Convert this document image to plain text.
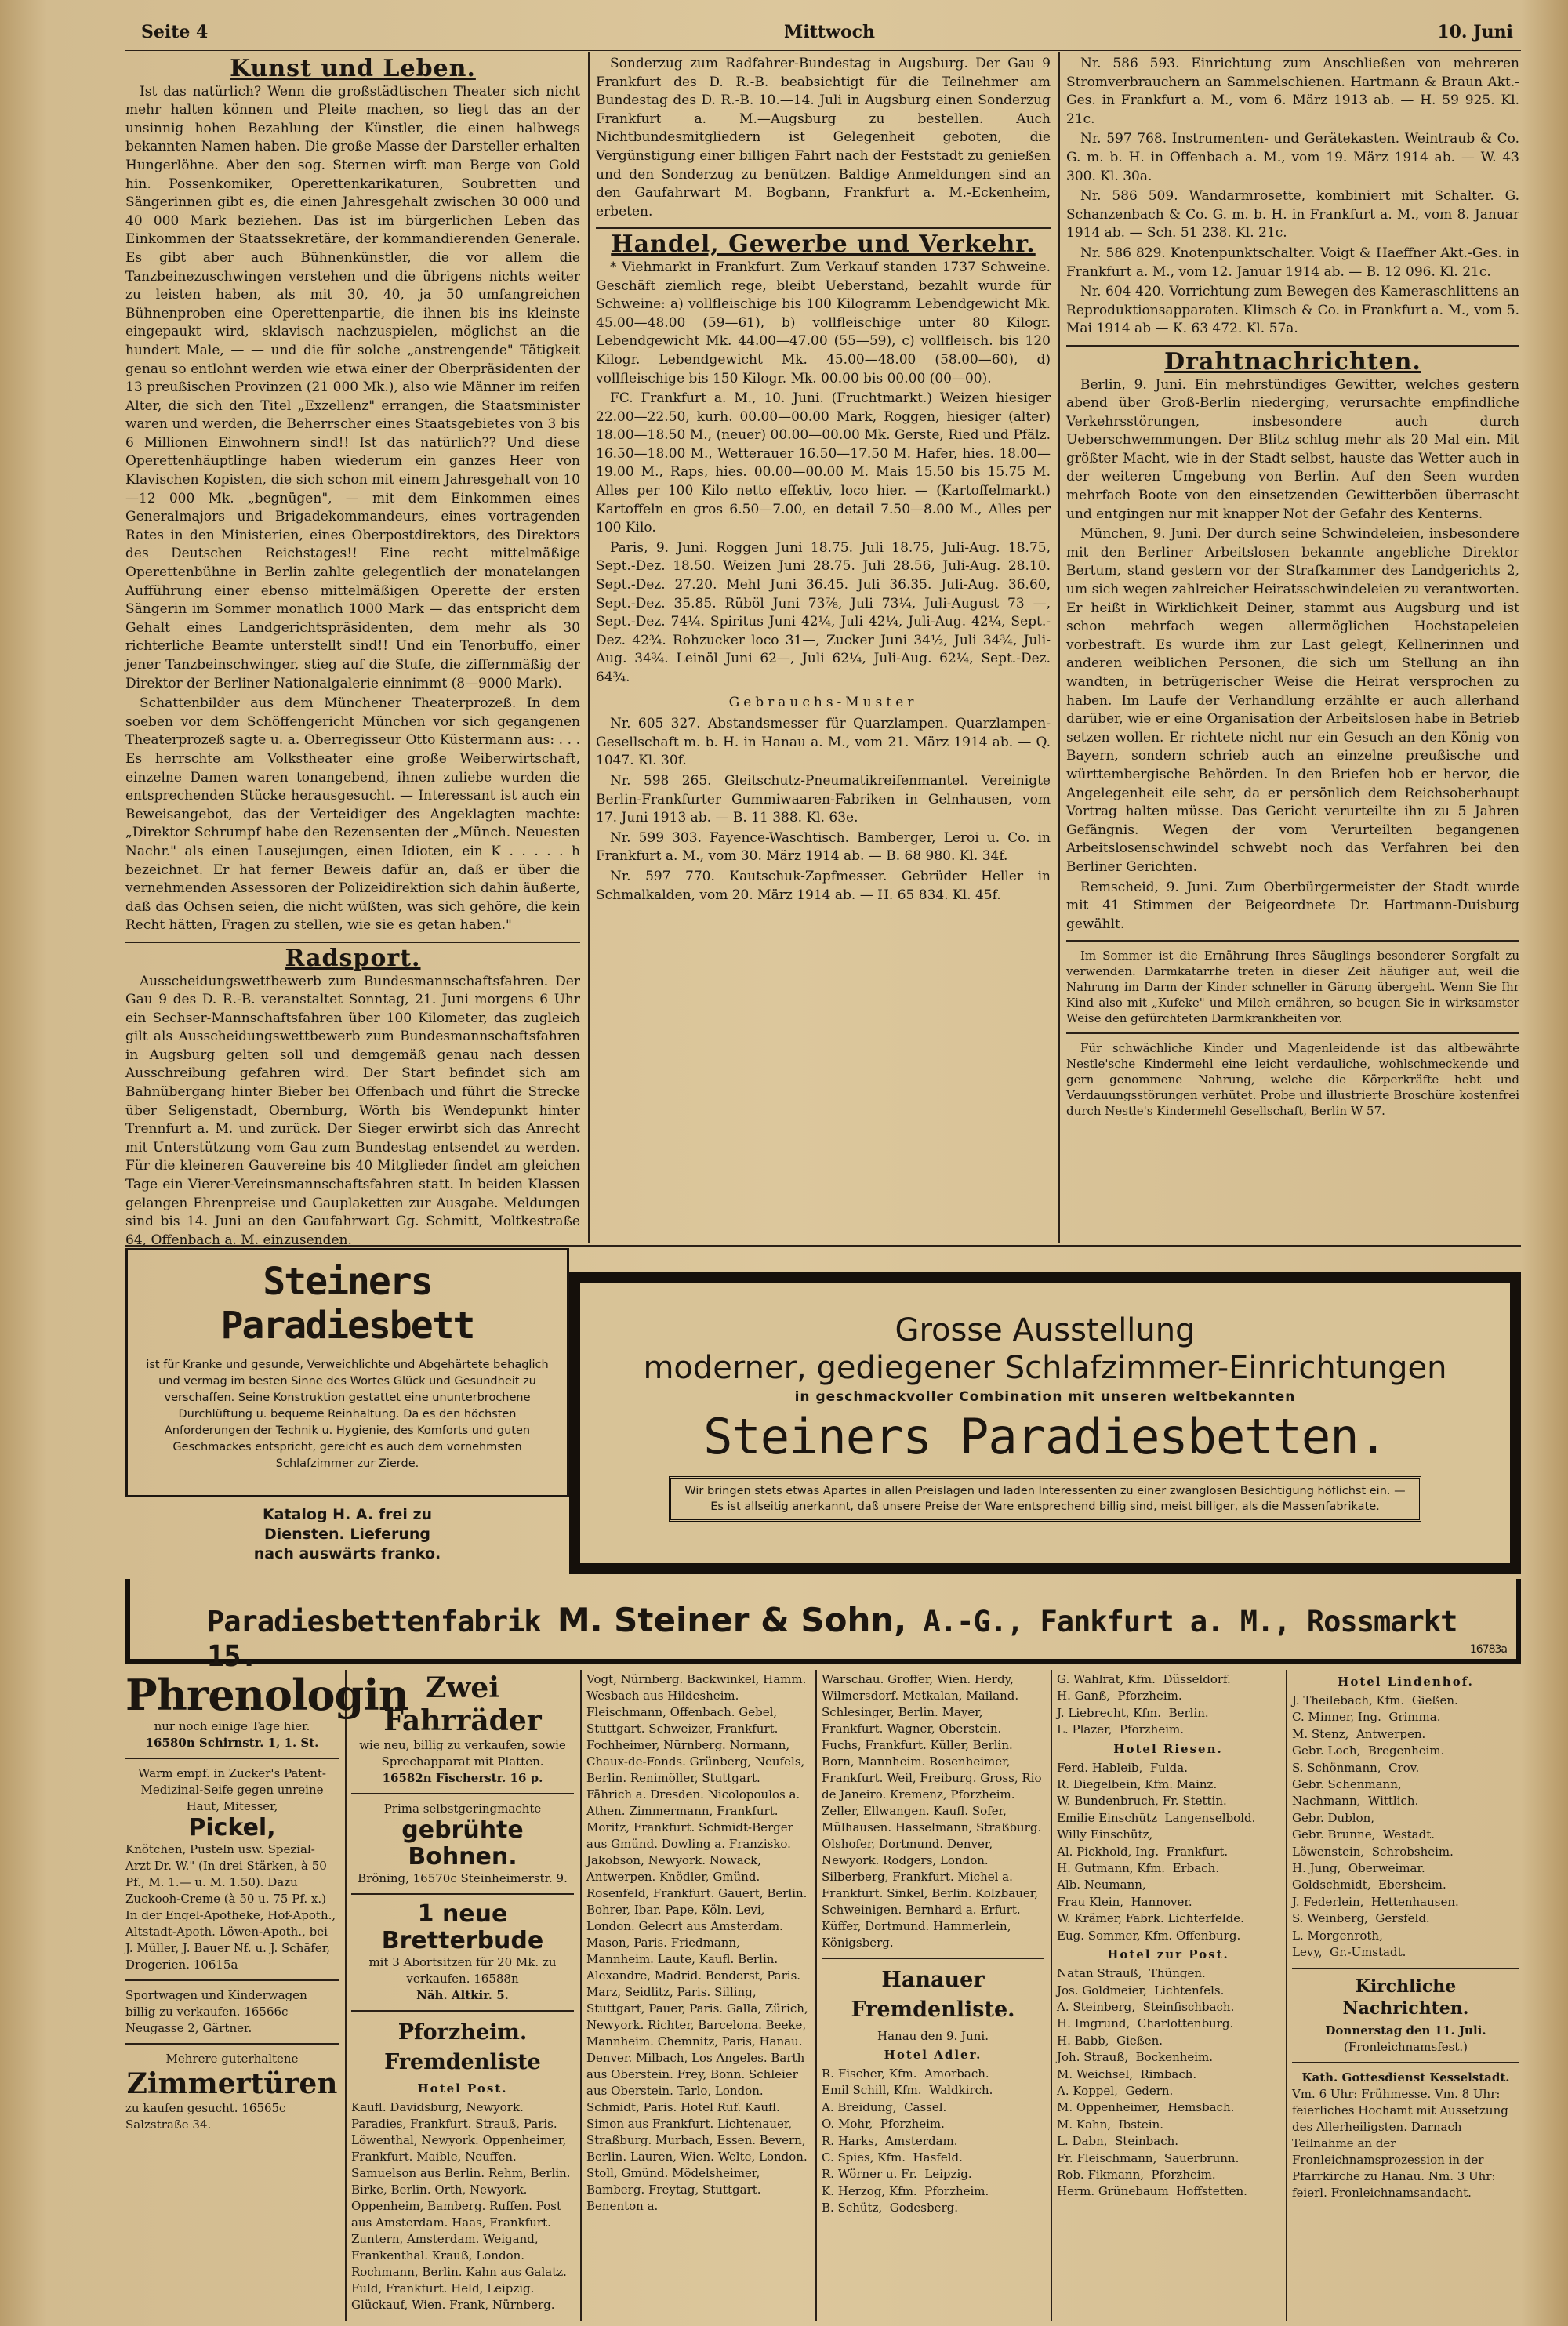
Seite 4	Mittwoch	10. Juni
Kunst und Leben.

Ist das natürlich? Wenn die großstädtischen Theater sich nicht mehr halten können und Pleite machen, so liegt das an der unsinnig hohen Bezahlung der Künstler, die einen halbwegs bekannten Namen haben. Die große Masse der Darsteller erhalten Hungerlöhne. Aber den sog. Sternen wirft man Berge von Gold hin. Possenkomiker, Operettenkarikaturen, Soubretten und Sängerinnen gibt es, die einen Jahresgehalt zwischen 30 000 und 40 000 Mark beziehen. Das ist im bürgerlichen Leben das Einkommen der Staatssekretäre, der kommandierenden Generale. Es gibt aber auch Bühnenkünstler, die vor allem die Tanzbeinezuschwingen verstehen und die übrigens nichts weiter zu leisten haben, als mit 30, 40, ja 50 umfangreichen Bühnenproben eine Operettenpartie, die ihnen bis ins kleinste eingepaukt wird, sklavisch nachzuspielen, möglichst an die hundert Male, — — und die für solche „anstrengende" Tätigkeit genau so entlohnt werden wie etwa einer der Oberpräsidenten der 13 preußischen Provinzen (21 000 Mk.), also wie Männer im reifen Alter, die sich den Titel „Exzellenz" errangen, die Staatsminister waren und werden, die Beherrscher eines Staatsgebietes von 3 bis 6 Millionen Einwohnern sind!! Ist das natürlich?? Und diese Operettenhäuptlinge haben wiederum ein ganzes Heer von Klavischen Kopisten, die sich schon mit einem Jahresgehalt von 10—12 000 Mk. „begnügen", — mit dem Einkommen eines Generalmajors und Brigadekommandeurs, eines vortragenden Rates in den Ministerien, eines Oberpostdirektors, des Direktors des Deutschen Reichstages!! Eine recht mittelmäßige Operettenbühne in Berlin zahlte gelegentlich der monatelangen Aufführung einer ebenso mittelmäßigen Operette der ersten Sängerin im Sommer monatlich 1000 Mark — das entspricht dem Gehalt eines Landgerichtspräsidenten, dem mehr als 30 richterliche Beamte unterstellt sind!! Und ein Tenorbuffo, einer jener Tanzbeinschwinger, stieg auf die Stufe, die ziffernmäßig der Direktor der Berliner Nationalgalerie einnimmt (8—9000 Mark).

Schattenbilder aus dem Münchener Theaterprozeß. In dem soeben vor dem Schöffengericht München vor sich gegangenen Theaterprozeß sagte u. a. Oberregisseur Otto Küstermann aus: . . . Es herrschte am Volkstheater eine große Weiberwirtschaft, einzelne Damen waren tonangebend, ihnen zuliebe wurden die entsprechenden Stücke herausgesucht. — Interessant ist auch ein Beweisangebot, das der Verteidiger des Angeklagten machte: „Direktor Schrumpf habe den Rezensenten der „Münch. Neuesten Nachr." als einen Lausejungen, einen Idioten, ein K . . . . . h bezeichnet. Er hat ferner Beweis dafür an, daß er über die vernehmenden Assessoren der Polizeidirektion sich dahin äußerte, daß das Ochsen seien, die nicht wüßten, was sich gehöre, die kein Recht hätten, Fragen zu stellen, wie sie es getan haben."

Radsport.

Ausscheidungswettbewerb zum Bundesmannschaftsfahren. Der Gau 9 des D. R.-B. veranstaltet Sonntag, 21. Juni morgens 6 Uhr ein Sechser-Mannschaftsfahren über 100 Kilometer, das zugleich gilt als Ausscheidungswettbewerb zum Bundesmannschaftsfahren in Augsburg gelten soll und demgemäß genau nach dessen Ausschreibung gefahren wird. Der Start befindet sich am Bahnübergang hinter Bieber bei Offenbach und führt die Strecke über Seligenstadt, Obernburg, Wörth bis Wendepunkt hinter Trennfurt a. M. und zurück. Der Sieger erwirbt sich das Anrecht mit Unterstützung vom Gau zum Bundestag entsendet zu werden. Für die kleineren Gauvereine bis 40 Mitglieder findet am gleichen Tage ein Vierer-Vereinsmannschaftsfahren statt. In beiden Klassen gelangen Ehrenpreise und Gauplaketten zur Ausgabe. Meldungen sind bis 14. Juni an den Gaufahrwart Gg. Schmitt, Moltkestraße 64, Offenbach a. M. einzusenden.

Sonderzug zum Radfahrer-Bundestag in Augsburg. Der Gau 9 Frankfurt des D. R.-B. beabsichtigt für die Teilnehmer am Bundestag des D. R.-B. 10.—14. Juli in Augsburg einen Sonderzug Frankfurt a. M.—Augsburg zu bestellen. Auch Nichtbundesmitgliedern ist Gelegenheit geboten, die Vergünstigung einer billigen Fahrt nach der Feststadt zu genießen und den Sonderzug zu benützen. Baldige Anmeldungen sind an den Gaufahrwart M. Bogbann, Frankfurt a. M.-Eckenheim, erbeten.

Handel, Gewerbe und Verkehr.

* Viehmarkt in Frankfurt. Zum Verkauf standen 1737 Schweine. Geschäft ziemlich rege, bleibt Ueberstand, bezahlt wurde für Schweine: a) vollfleischige bis 100 Kilogramm Lebendgewicht Mk. 45.00—48.00 (59—61), b) vollfleischige unter 80 Kilogr. Lebendgewicht Mk. 44.00—47.00 (55—59), c) vollfleisch. bis 120 Kilogr. Lebendgewicht Mk. 45.00—48.00 (58.00—60), d) vollfleischige bis 150 Kilogr. Mk. 00.00 bis 00.00 (00—00).

FC. Frankfurt a. M., 10. Juni. (Fruchtmarkt.) Weizen hiesiger 22.00—22.50, kurh. 00.00—00.00 Mark, Roggen, hiesiger (alter) 18.00—18.50 M., (neuer) 00.00—00.00 Mk. Gerste, Ried und Pfälz. 16.50—18.00 M., Wetterauer 16.50—17.50 M. Hafer, hies. 18.00—19.00 M., Raps, hies. 00.00—00.00 M. Mais 15.50 bis 15.75 M. Alles per 100 Kilo netto effektiv, loco hier. — (Kartoffelmarkt.) Kartoffeln en gros 6.50—7.00, en detail 7.50—8.00 M., Alles per 100 Kilo.

Paris, 9. Juni. Roggen Juni 18.75. Juli 18.75, Juli-Aug. 18.75, Sept.-Dez. 18.50. Weizen Juni 28.75. Juli 28.56, Juli-Aug. 28.10. Sept.-Dez. 27.20. Mehl Juni 36.45. Juli 36.35. Juli-Aug. 36.60, Sept.-Dez. 35.85. Rüböl Juni 73⅞, Juli 73¼, Juli-August 73 —, Sept.-Dez. 74¼. Spiritus Juni 42¼, Juli 42¼, Juli-Aug. 42¼, Sept.-Dez. 42¾. Rohzucker loco 31—, Zucker Juni 34½, Juli 34¾, Juli-Aug. 34¾. Leinöl Juni 62—, Juli 62¼, Juli-Aug. 62¼, Sept.-Dez. 64¾.

Gebrauchs-Muster

Nr. 605 327. Abstandsmesser für Quarzlampen. Quarzlampen-Gesellschaft m. b. H. in Hanau a. M., vom 21. März 1914 ab. — Q. 1047. Kl. 30f.

Nr. 598 265. Gleitschutz-Pneumatikreifenmantel. Vereinigte Berlin-Frankfurter Gummiwaaren-Fabriken in Gelnhausen, vom 17. Juni 1913 ab. — B. 11 388. Kl. 63e.

Nr. 599 303. Fayence-Waschtisch. Bamberger, Leroi u. Co. in Frankfurt a. M., vom 30. März 1914 ab. — B. 68 980. Kl. 34f.

Nr. 597 770. Kautschuk-Zapfmesser. Gebrüder Heller in Schmalkalden, vom 20. März 1914 ab. — H. 65 834. Kl. 45f.

Nr. 586 593. Einrichtung zum Anschließen von mehreren Stromverbrauchern an Sammelschienen. Hartmann & Braun Akt.-Ges. in Frankfurt a. M., vom 6. März 1913 ab. — H. 59 925. Kl. 21c.

Nr. 597 768. Instrumenten- und Gerätekasten. Weintraub & Co. G. m. b. H. in Offenbach a. M., vom 19. März 1914 ab. — W. 43 300. Kl. 30a.

Nr. 586 509. Wandarmrosette, kombiniert mit Schalter. G. Schanzenbach & Co. G. m. b. H. in Frankfurt a. M., vom 8. Januar 1914 ab. — Sch. 51 238. Kl. 21c.

Nr. 586 829. Knotenpunktschalter. Voigt & Haeffner Akt.-Ges. in Frankfurt a. M., vom 12. Januar 1914 ab. — B. 12 096. Kl. 21c.

Nr. 604 420. Vorrichtung zum Bewegen des Kameraschlittens an Reproduktionsapparaten. Klimsch & Co. in Frankfurt a. M., vom 5. Mai 1914 ab — K. 63 472. Kl. 57a.

Drahtnachrichten.

Berlin, 9. Juni. Ein mehrstündiges Gewitter, welches gestern abend über Groß-Berlin niederging, verursachte empfindliche Verkehrsstörungen, insbesondere auch durch Ueberschwemmungen. Der Blitz schlug mehr als 20 Mal ein. Mit größter Macht, wie in der Stadt selbst, hauste das Wetter auch in der weiteren Umgebung von Berlin. Auf den Seen wurden mehrfach Boote von den einsetzenden Gewitterböen überrascht und entgingen nur mit knapper Not der Gefahr des Kenterns.

München, 9. Juni. Der durch seine Schwindeleien, insbesondere mit den Berliner Arbeitslosen bekannte angebliche Direktor Bertum, stand gestern vor der Strafkammer des Landgerichts 2, um sich wegen zahlreicher Heiratsschwindeleien zu verantworten. Er heißt in Wirklichkeit Deiner, stammt aus Augsburg und ist schon mehrfach wegen allermöglichen Hochstapeleien vorbestraft. Es wurde ihm zur Last gelegt, Kellnerinnen und anderen weiblichen Personen, die sich um Stellung an ihn wandten, in betrügerischer Weise die Heirat versprochen zu haben. Im Laufe der Verhandlung erzählte er auch allerhand darüber, wie er eine Organisation der Arbeitslosen habe in Betrieb setzen wollen. Er richtete nicht nur ein Gesuch an den König von Bayern, sondern schrieb auch an einzelne preußische und württembergische Behörden. In den Briefen hob er hervor, die Angelegenheit eile sehr, da er persönlich dem Reichsoberhaupt Vortrag halten müsse. Das Gericht verurteilte ihn zu 5 Jahren Gefängnis. Wegen der vom Verurteilten begangenen Arbeitslosenschwindel schwebt noch das Verfahren bei den Berliner Gerichten.

Remscheid, 9. Juni. Zum Oberbürgermeister der Stadt wurde mit 41 Stimmen der Beigeordnete Dr. Hartmann-Duisburg gewählt.

Im Sommer ist die Ernährung Ihres Säuglings besonderer Sorgfalt zu verwenden. Darmkatarrhe treten in dieser Zeit häufiger auf, weil die Nahrung im Darm der Kinder schneller in Gärung übergeht. Wenn Sie Ihr Kind also mit „Kufeke" und Milch ernähren, so beugen Sie in wirksamster Weise den gefürchteten Darmkrankheiten vor.

Für schwächliche Kinder und Magenleidende ist das altbewährte Nestle'sche Kindermehl eine leicht verdauliche, wohlschmeckende und gern genommene Nahrung, welche die Körperkräfte hebt und Verdauungsstörungen verhütet. Probe und illustrierte Broschüre kostenfrei durch Nestle's Kindermehl Gesellschaft, Berlin W 57.

Steiners Paradiesbett
ist für Kranke und gesunde, Verweichlichte und Abgehärtete behaglich und vermag im besten Sinne des Wortes Glück und Gesundheit zu verschaffen. Seine Konstruktion gestattet eine ununterbrochene Durchlüftung u. bequeme Reinhaltung. Da es den höchsten Anforderungen der Technik u. Hygienie, des Komforts und guten Geschmackes entspricht, gereicht es auch dem vornehmsten Schlafzimmer zur Zierde.
Katalog H. A. frei zu
Diensten. Lieferung
nach auswärts franko.
Grosse Ausstellung
moderner, gediegener Schlafzimmer-Einrichtungen
in geschmackvoller Combination mit unseren weltbekannten
Steiners Paradiesbetten.
Wir bringen stets etwas Apartes in allen Preislagen und laden Interessenten zu einer zwanglosen Besichtigung höflichst ein. — Es ist allseitig anerkannt, daß unsere Preise der Ware entsprechend billig sind, meist billiger, als die Massenfabrikate.
Paradiesbettenfabrik M. Steiner & Sohn, A.-G., Fankfurt a. M., Rossmarkt 15.	16783a
Phrenologin
nur noch einige Tage hier.
16580n Schirnstr. 1, 1. St.
Warm empf. in Zucker's Patent-Medizinal-Seife gegen unreine Haut, Mitesser,
Pickel,
Knötchen, Pusteln usw. Spezial-Arzt Dr. W." (In drei Stärken, à 50 Pf., M. 1.— u. M. 1.50). Dazu Zuckooh-Creme (à 50 u. 75 Pf. x.) In der Engel-Apotheke, Hof-Apoth., Altstadt-Apoth. Löwen-Apoth., bei J. Müller, J. Bauer Nf. u. J. Schäfer, Drogerien. 10615a
Sportwagen und Kinderwagen billig zu verkaufen. 16566c Neugasse 2, Gärtner.
Mehrere guterhaltene
Zimmertüren
zu kaufen gesucht. 16565c Salzstraße 34.
Zwei Fahrräder
wie neu, billig zu verkaufen, sowie Sprechapparat mit Platten.
16582n Fischerstr. 16 p.
Prima selbstgeringmachte
gebrühte Bohnen.
Bröning, 16570c Steinheimerstr. 9.
1 neue Bretterbude
mit 3 Abortsitzen für 20 Mk. zu verkaufen. 16588n
Näh. Altkir. 5.
Pforzheim. Fremdenliste
Hotel Post.
Kaufl. Davidsburg, Newyork. Paradies, Frankfurt. Strauß, Paris. Löwenthal, Newyork. Oppenheimer, Frankfurt. Maible, Neuffen. Samuelson aus Berlin. Rehm, Berlin. Birke, Berlin. Orth, Newyork. Oppenheim, Bamberg. Ruffen. Post aus Amsterdam. Haas, Frankfurt. Zuntern, Amsterdam. Weigand, Frankenthal. Krauß, London. Rochmann, Berlin. Kahn aus Galatz. Fuld, Frankfurt. Held, Leipzig. Glückauf, Wien. Frank, Nürnberg.
Vogt, Nürnberg. Backwinkel, Hamm. Wesbach aus Hildesheim. Fleischmann, Offenbach. Gebel, Stuttgart. Schweizer, Frankfurt. Fochheimer, Nürnberg. Normann, Chaux-de-Fonds. Grünberg, Neufels, Berlin. Renimöller, Stuttgart. Fährich a. Dresden. Nicolopoulos a. Athen. Zimmermann, Frankfurt. Moritz, Frankfurt. Schmidt-Berger aus Gmünd. Dowling a. Franzisko. Jakobson, Newyork. Nowack, Antwerpen. Knödler, Gmünd. Rosenfeld, Frankfurt. Gauert, Berlin. Bohrer, Ibar. Pape, Köln. Levi, London. Gelecrt aus Amsterdam. Mason, Paris. Friedmann, Mannheim. Laute, Kaufl. Berlin. Alexandre, Madrid. Benderst, Paris. Marz, Seidlitz, Paris. Silling, Stuttgart, Pauer, Paris. Galla, Zürich, Newyork. Richter, Barcelona. Beeke, Mannheim. Chemnitz, Paris, Hanau. Denver. Milbach, Los Angeles. Barth aus Oberstein. Frey, Bonn. Schleier aus Oberstein. Tarlo, London. Schmidt, Paris. Hotel Ruf. Kaufl. Simon aus Frankfurt. Lichtenauer, Straßburg. Murbach, Essen. Bevern, Berlin. Lauren, Wien. Welte, London. Stoll, Gmünd. Mödelsheimer, Bamberg. Freytag, Stuttgart. Benenton a.
Warschau. Groffer, Wien. Herdy, Wilmersdorf. Metkalan, Mailand. Schlesinger, Berlin. Mayer, Frankfurt. Wagner, Oberstein. Fuchs, Frankfurt. Küller, Berlin. Born, Mannheim. Rosenheimer, Frankfurt. Weil, Freiburg. Gross, Rio de Janeiro. Kremenz, Pforzheim. Zeller, Ellwangen. Kaufl. Sofer, Mülhausen. Hasselmann, Straßburg. Olshofer, Dortmund. Denver, Newyork. Rodgers, London. Silberberg, Frankfurt. Michel a. Frankfurt. Sinkel, Berlin. Kolzbauer, Schweinigen. Bernhard a. Erfurt. Küffer, Dortmund. Hammerlein, Königsberg.
Hanauer Fremdenliste.
Hanau den 9. Juni.
Hotel Adler.
R. Fischer, Kfm.  Amorbach.
Emil Schill, Kfm.  Waldkirch.
A. Breidung,  Cassel.
O. Mohr,  Pforzheim.
R. Harks,  Amsterdam.
C. Spies, Kfm.  Hasfeld.
R. Wörner u. Fr.  Leipzig.
K. Herzog, Kfm.  Pforzheim.
B. Schütz,  Godesberg.
G. Wahlrat, Kfm.  Düsseldorf.
H. Ganß,  Pforzheim.
J. Liebrecht, Kfm.  Berlin.
L. Plazer,  Pforzheim.
Hotel Riesen.
Ferd. Hableib,  Fulda.
R. Diegelbein, Kfm. Mainz.
W. Bundenbruch, Fr. Stettin.
Emilie Einschütz  Langenselbold.
Willy Einschütz,
Al. Pickhold, Ing.  Frankfurt.
H. Gutmann, Kfm.  Erbach.
Alb. Neumann,
Frau Klein,  Hannover.
W. Krämer, Fabrk. Lichterfelde.
Eug. Sommer, Kfm. Offenburg.
Hotel zur Post.
Natan Strauß,  Thüngen.
Jos. Goldmeier,  Lichtenfels.
A. Steinberg,  Steinfischbach.
H. Imgrund,  Charlottenburg.
H. Babb,  Gießen.
Joh. Strauß,  Bockenheim.
M. Weichsel,  Rimbach.
A. Koppel,  Gedern.
M. Oppenheimer,  Hemsbach.
M. Kahn,  Ibstein.
L. Dabn,  Steinbach.
Fr. Fleischmann,  Sauerbrunn.
Rob. Fikmann,  Pforzheim.
Herm. Grünebaum  Hoffstetten.
Hotel Lindenhof.
J. Theilebach, Kfm.  Gießen.
C. Minner, Ing.  Grimma.
M. Stenz,  Antwerpen.
Gebr. Loch,  Bregenheim.
S. Schönmann,  Crov.
Gebr. Schenmann,
Nachmann,  Wittlich.
Gebr. Dublon,
Gebr. Brunne,  Westadt.
Löwenstein,  Schrobsheim.
H. Jung,  Oberweimar.
Goldschmidt,  Ebersheim.
J. Federlein,  Hettenhausen.
S. Weinberg,  Gersfeld.
L. Morgenroth,
Levy,  Gr.-Umstadt.
Kirchliche Nachrichten.
Donnerstag den 11. Juli.
(Fronleichnamsfest.)
Kath. Gottesdienst Kesselstadt.
Vm. 6 Uhr: Frühmesse. Vm. 8 Uhr: feierliches Hochamt mit Aussetzung des Allerheiligsten. Darnach Teilnahme an der Fronleichnamsprozession in der Pfarrkirche zu Hanau. Nm. 3 Uhr: feierl. Fronleichnamsandacht.
